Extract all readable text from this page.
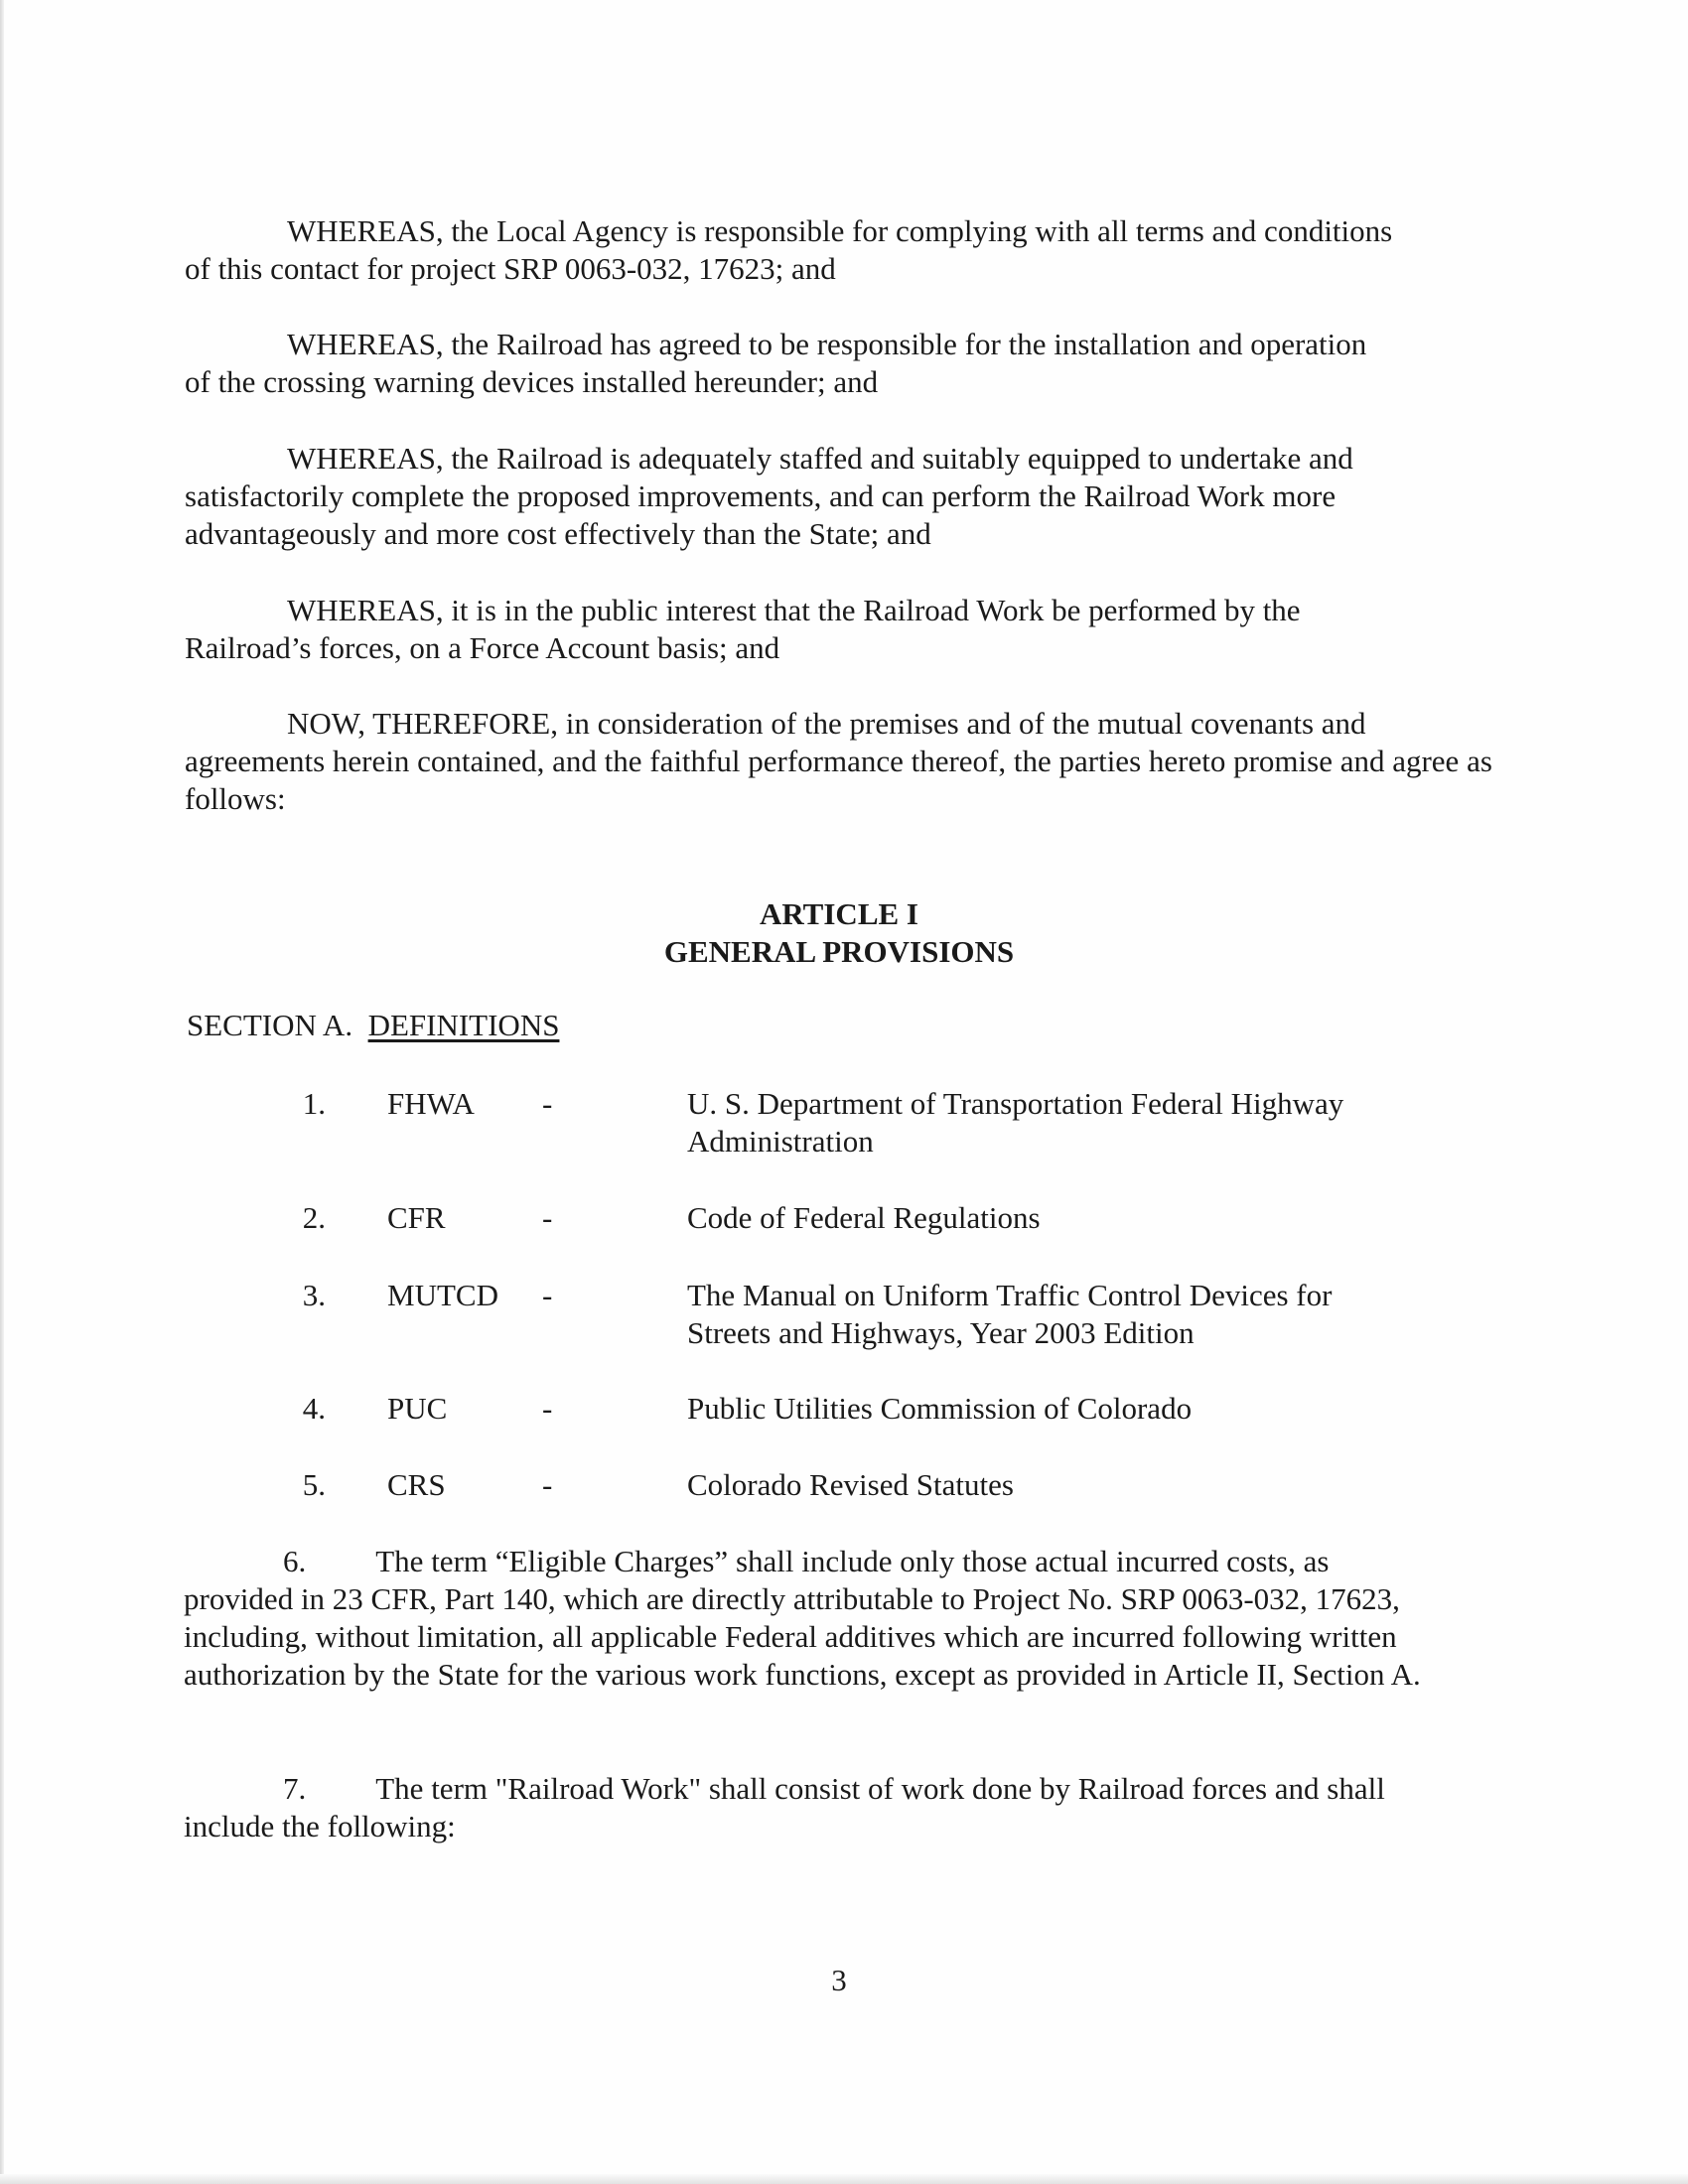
WHEREAS, the Local Agency is responsible for complying with all terms and conditions
of this contact for project SRP 0063-032, 17623; and

WHEREAS, the Railroad has agreed to be responsible for the installation and operation
of the crossing warning devices installed hereunder; and

WHEREAS, the Railroad is adequately staffed and suitably equipped to undertake and
satisfactorily complete the proposed improvements, and can perform the Railroad Work more advantageously and more cost effectively than the State; and

WHEREAS, it is in the public interest that the Railroad Work be performed by the
Railroad’s forces, on a Force Account basis; and

NOW, THEREFORE, in consideration of the premises and of the mutual covenants and
agreements herein contained, and the faithful performance thereof, the parties hereto promise and agree as follows:

ARTICLE I
GENERAL PROVISIONS
SECTION A. DEFINITIONS
1. FHWA -	U. S. Department of Transportation Federal Highway Administration
2. CFR	-	Code of Federal Regulations
3. MUTCD -	The Manual on Uniform Traffic Control Devices for Streets and Highways, Year 2003 Edition
4. PUC	-	Public Utilities Commission of Colorado
5. CRS	-	Colorado Revised Statutes

6. The term “Eligible Charges” shall include only those actual incurred costs, as
provided in 23 CFR, Part 140, which are directly attributable to Project No. SRP 0063-032, 17623, including, without limitation, all applicable Federal additives which are incurred following written authorization by the State for the various work functions, except as provided in Article II, Section A.

7. The term "Railroad Work" shall consist of work done by Railroad forces and shall
include the following:

3
